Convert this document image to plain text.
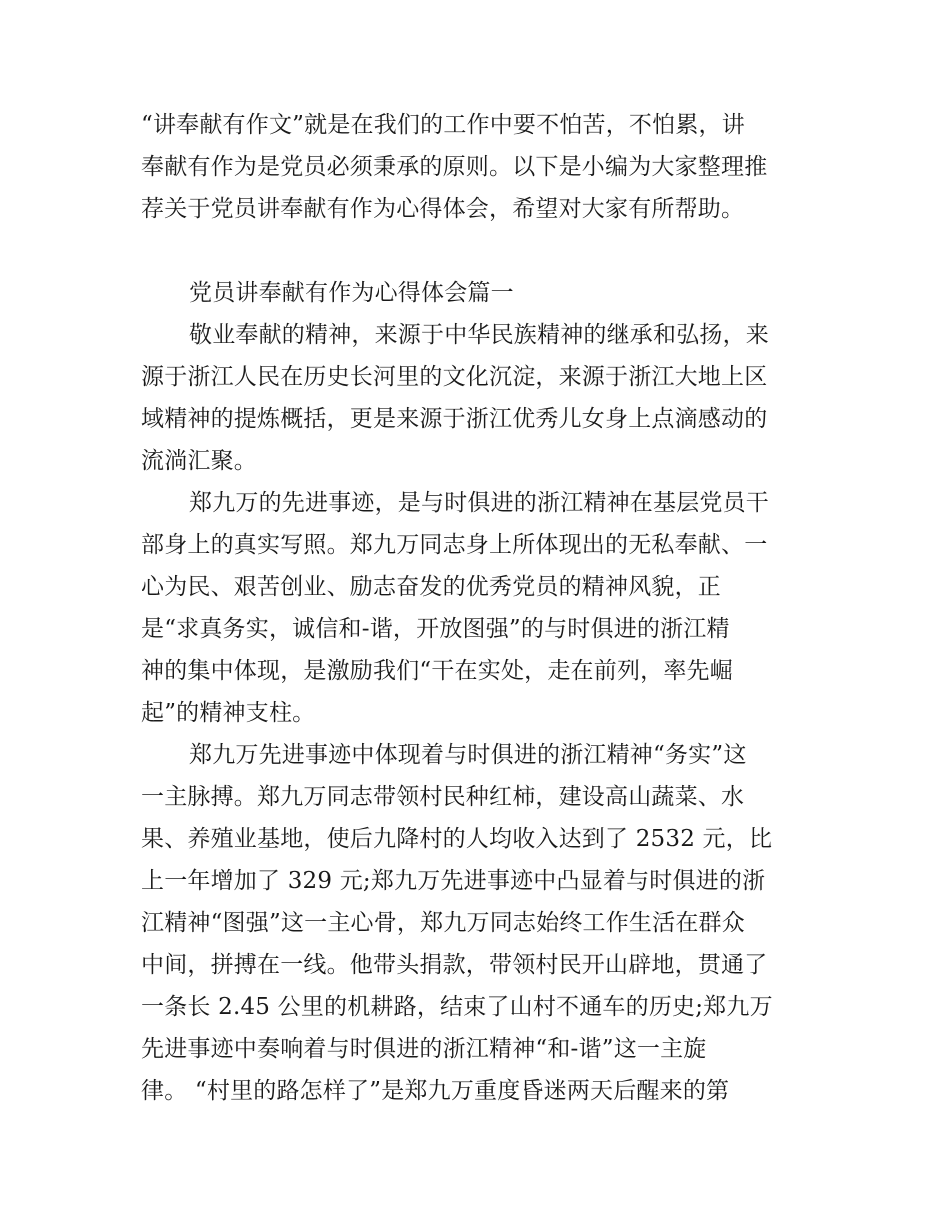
“讲奉献有作文”就是在我们的工作中要不怕苦，不怕累，讲
奉献有作为是党员必须秉承的原则。以下是小编为大家整理推
荐关于党员讲奉献有作为心得体会，希望对大家有所帮助。
党员讲奉献有作为心得体会篇一
敬业奉献的精神，来源于中华民族精神的继承和弘扬，来
源于浙江人民在历史长河里的文化沉淀，来源于浙江大地上区
域精神的提炼概括，更是来源于浙江优秀儿女身上点滴感动的
流淌汇聚。
郑九万的先进事迹，是与时俱进的浙江精神在基层党员干
部身上的真实写照。郑九万同志身上所体现出的无私奉献、一
心为民、艰苦创业、励志奋发的优秀党员的精神风貌，正
是“求真务实，诚信和-谐，开放图强”的与时俱进的浙江精
神的集中体现，是激励我们“干在实处，走在前列，率先崛
起”的精神支柱。
郑九万先进事迹中体现着与时俱进的浙江精神“务实”这
一主脉搏。郑九万同志带领村民种红柿，建设高山蔬菜、水
果、养殖业基地，使后九降村的人均收入达到了 2532 元，比
上一年增加了 329 元;郑九万先进事迹中凸显着与时俱进的浙
江精神“图强”这一主心骨，郑九万同志始终工作生活在群众
中间，拼搏在一线。他带头捐款，带领村民开山辟地，贯通了
一条长 2.45 公里的机耕路，结束了山村不通车的历史;郑九万
先进事迹中奏响着与时俱进的浙江精神“和-谐”这一主旋
律。 “村里的路怎样了”是郑九万重度昏迷两天后醒来的第
